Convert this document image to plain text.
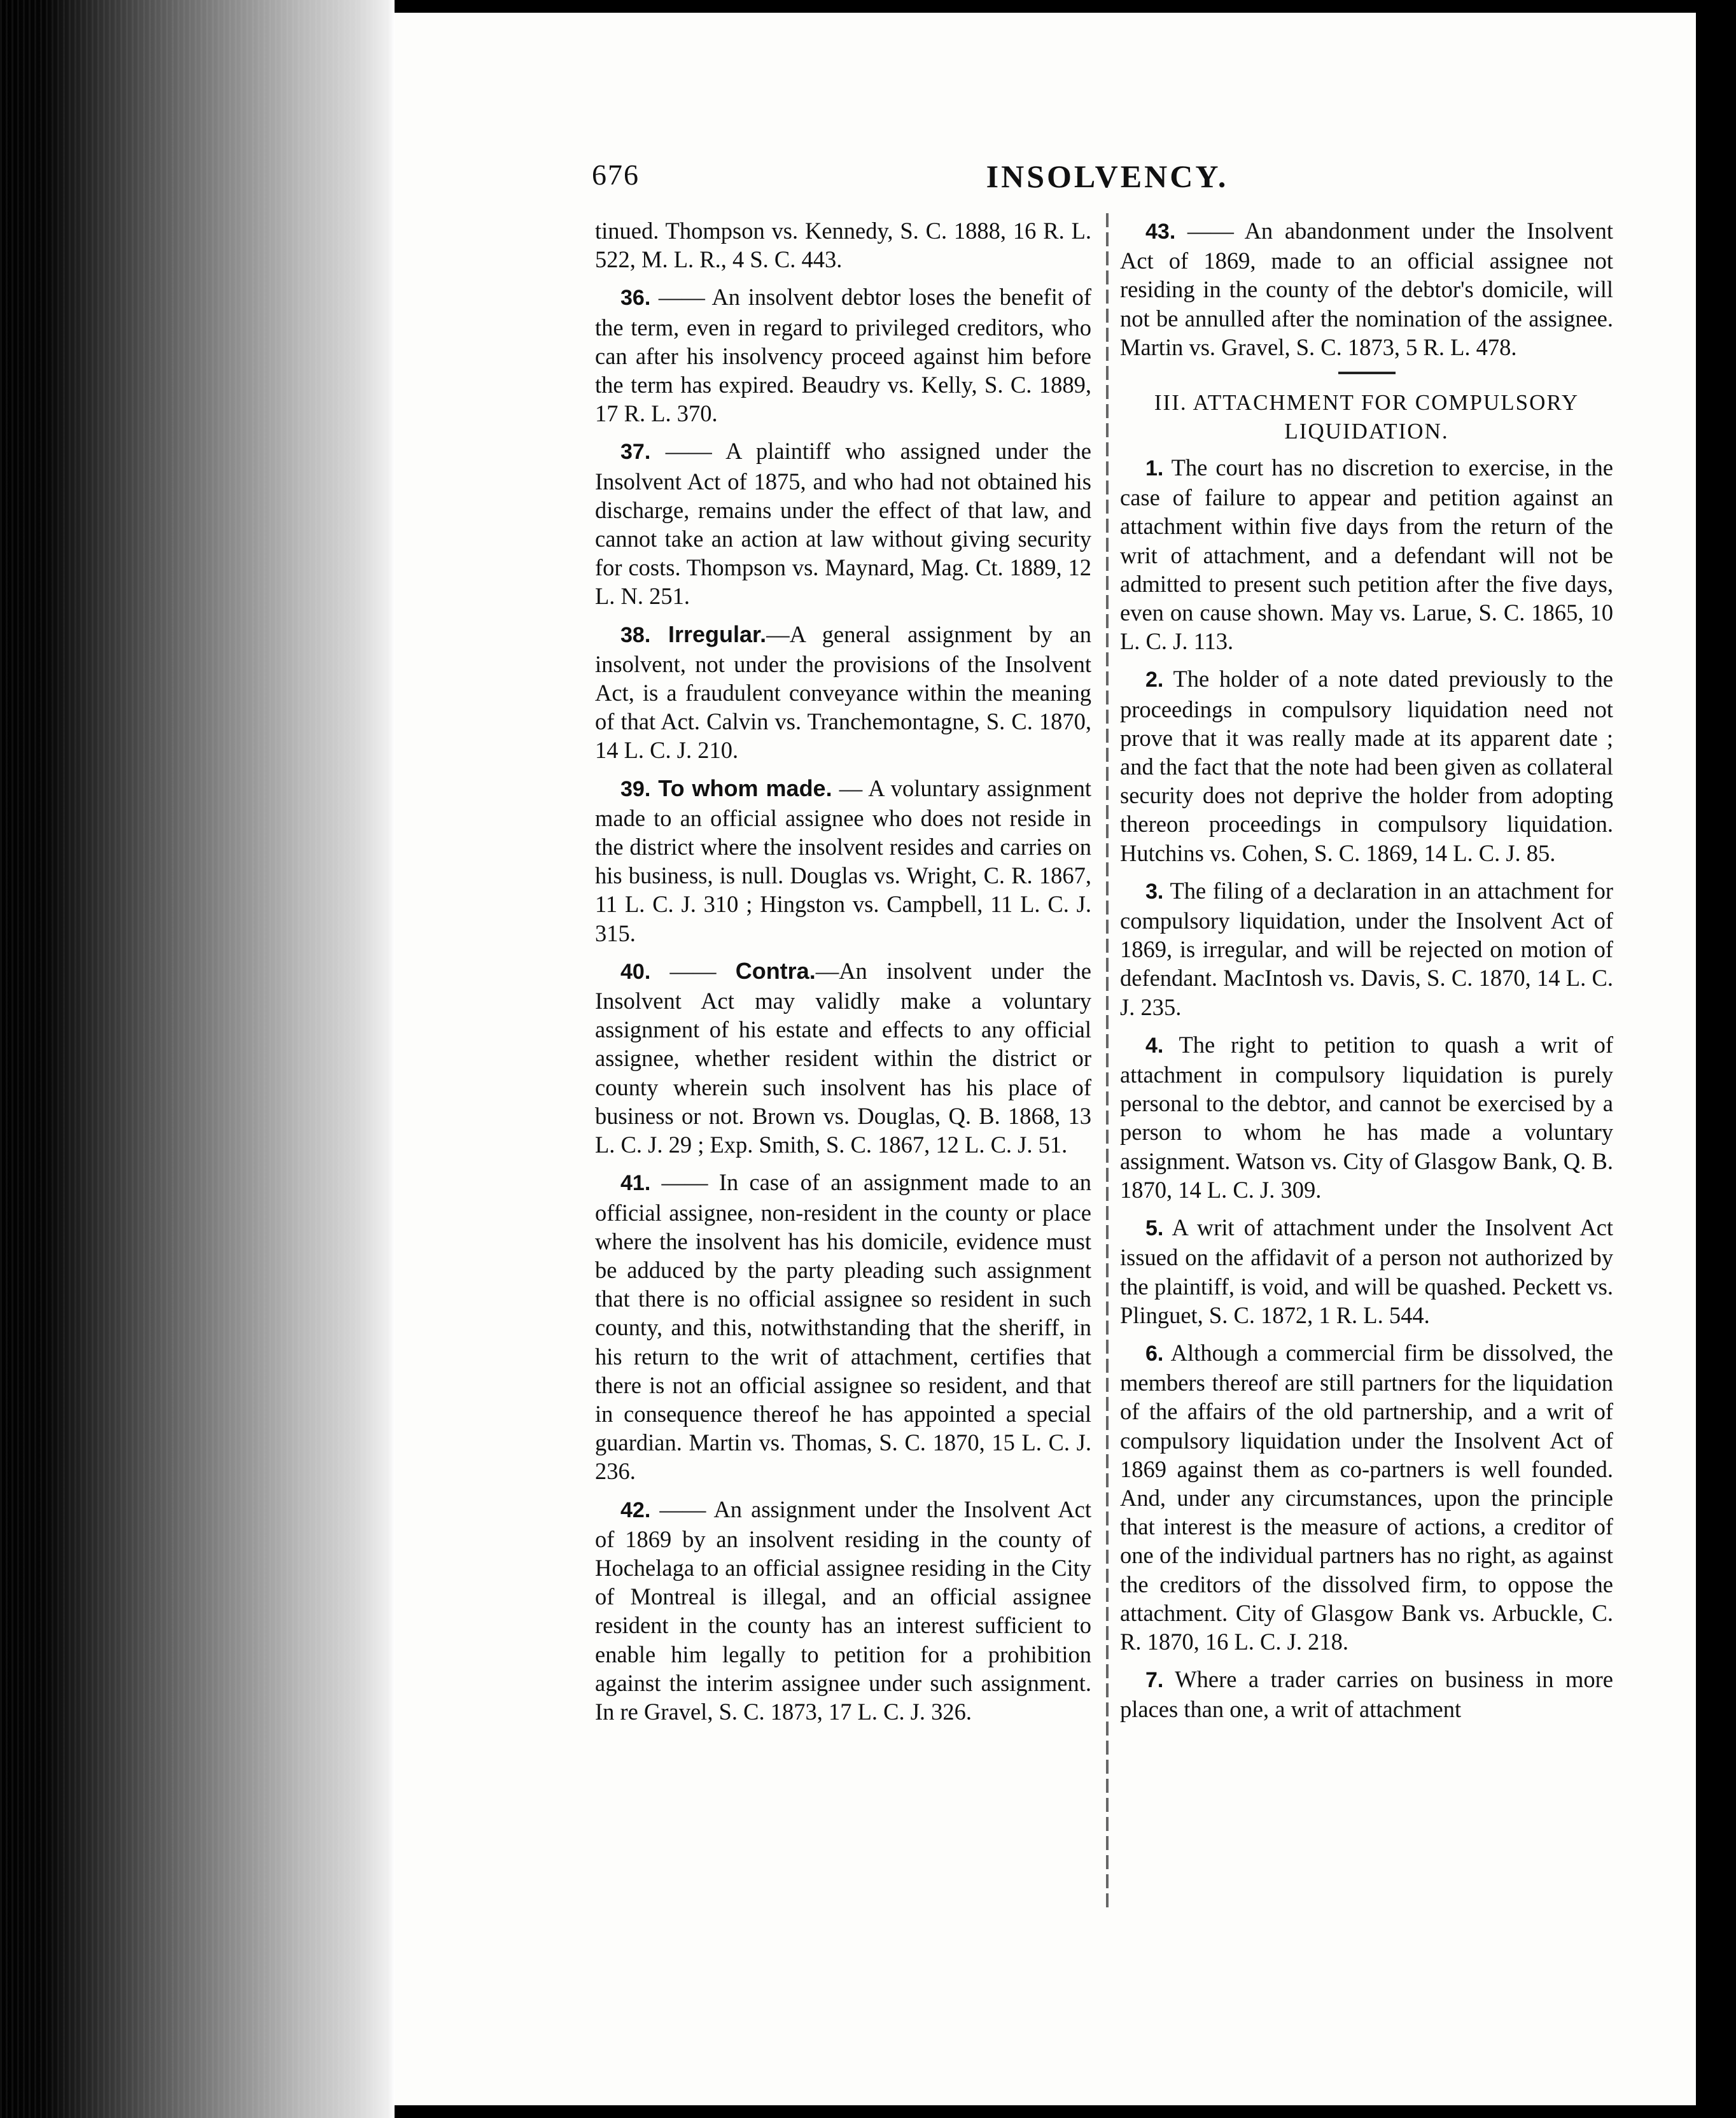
676	INSOLVENCY.

tinued. Thompson vs. Kennedy, S. C. 1888, 16 R. L. 522, M. L. R., 4 S. C. 443.

36. —— An insolvent debtor loses the benefit of the term, even in regard to privileged creditors, who can after his insolvency proceed against him before the term has expired. Beaudry vs. Kelly, S. C. 1889, 17 R. L. 370.

37. —— A plaintiff who assigned under the Insolvent Act of 1875, and who had not obtained his discharge, remains under the effect of that law, and cannot take an action at law without giving security for costs. Thompson vs. Maynard, Mag. Ct. 1889, 12 L. N. 251.

38. Irregular.—A general assignment by an insolvent, not under the provisions of the Insolvent Act, is a fraudulent conveyance within the meaning of that Act. Calvin vs. Tranchemontagne, S. C. 1870, 14 L. C. J. 210.

39. To whom made. — A voluntary assignment made to an official assignee who does not reside in the district where the insolvent resides and carries on his business, is null. Douglas vs. Wright, C. R. 1867, 11 L. C. J. 310 ; Hingston vs. Campbell, 11 L. C. J. 315.

40. —— Contra.—An insolvent under the Insolvent Act may validly make a voluntary assignment of his estate and effects to any official assignee, whether resident within the district or county wherein such insolvent has his place of business or not. Brown vs. Douglas, Q. B. 1868, 13 L. C. J. 29 ; Exp. Smith, S. C. 1867, 12 L. C. J. 51.

41. —— In case of an assignment made to an official assignee, non-resident in the county or place where the insolvent has his domicile, evidence must be adduced by the party pleading such assignment that there is no official assignee so resident in such county, and this, notwithstanding that the sheriff, in his return to the writ of attachment, certifies that there is not an official assignee so resident, and that in consequence thereof he has appointed a special guardian. Martin vs. Thomas, S. C. 1870, 15 L. C. J. 236.

42. —— An assignment under the Insolvent Act of 1869 by an insolvent residing in the county of Hochelaga to an official assignee residing in the City of Montreal is illegal, and an official assignee resident in the county has an interest sufficient to enable him legally to petition for a prohibition against the interim assignee under such assignment. In re Gravel, S. C. 1873, 17 L. C. J. 326.

43. —— An abandonment under the Insolvent Act of 1869, made to an official assignee not residing in the county of the debtor's domicile, will not be annulled after the nomination of the assignee. Martin vs. Gravel, S. C. 1873, 5 R. L. 478.

III. ATTACHMENT FOR COMPULSORY LIQUIDATION.

1. The court has no discretion to exercise, in the case of failure to appear and petition against an attachment within five days from the return of the writ of attachment, and a defendant will not be admitted to present such petition after the five days, even on cause shown. May vs. Larue, S. C. 1865, 10 L. C. J. 113.

2. The holder of a note dated previously to the proceedings in compulsory liquidation need not prove that it was really made at its apparent date ; and the fact that the note had been given as collateral security does not deprive the holder from adopting thereon proceedings in compulsory liquidation. Hutchins vs. Cohen, S. C. 1869, 14 L. C. J. 85.

3. The filing of a declaration in an attachment for compulsory liquidation, under the Insolvent Act of 1869, is irregular, and will be rejected on motion of defendant. MacIntosh vs. Davis, S. C. 1870, 14 L. C. J. 235.

4. The right to petition to quash a writ of attachment in compulsory liquidation is purely personal to the debtor, and cannot be exercised by a person to whom he has made a voluntary assignment. Watson vs. City of Glasgow Bank, Q. B. 1870, 14 L. C. J. 309.

5. A writ of attachment under the Insolvent Act issued on the affidavit of a person not authorized by the plaintiff, is void, and will be quashed. Peckett vs. Plinguet, S. C. 1872, 1 R. L. 544.

6. Although a commercial firm be dissolved, the members thereof are still partners for the liquidation of the affairs of the old partnership, and a writ of compulsory liquidation under the Insolvent Act of 1869 against them as co-partners is well founded. And, under any circumstances, upon the principle that interest is the measure of actions, a creditor of one of the individual partners has no right, as against the creditors of the dissolved firm, to oppose the attachment. City of Glasgow Bank vs. Arbuckle, C. R. 1870, 16 L. C. J. 218.

7. Where a trader carries on business in more places than one, a writ of attachment
